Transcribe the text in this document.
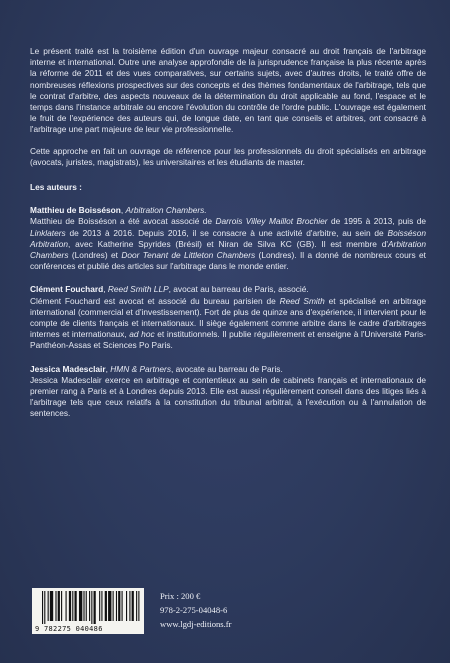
Le présent traité est la troisième édition d'un ouvrage majeur consacré au droit français de l'arbitrage interne et international. Outre une analyse approfondie de la jurisprudence française la plus récente après la réforme de 2011 et des vues comparatives, sur certains sujets, avec d'autres droits, le traité offre de nombreuses réflexions prospectives sur des concepts et des thèmes fondamentaux de l'arbitrage, tels que le contrat d'arbitre, des aspects nouveaux de la détermination du droit applicable au fond, l'espace et le temps dans l'instance arbitrale ou encore l'évolution du contrôle de l'ordre public. L'ouvrage est également le fruit de l'expérience des auteurs qui, de longue date, en tant que conseils et arbitres, ont consacré à l'arbitrage une part majeure de leur vie professionnelle.

Cette approche en fait un ouvrage de référence pour les professionnels du droit spécialisés en arbitrage (avocats, juristes, magistrats), les universitaires et les étudiants de master.

Les auteurs :

Matthieu de Boisséson, Arbitration Chambers.

Matthieu de Boisséson a été avocat associé de Darrois Villey Maillot Brochier de 1995 à 2013, puis de Linklaters de 2013 à 2016. Depuis 2016, il se consacre à une activité d'arbitre, au sein de Boisséson Arbitration, avec Katherine Spyrides (Brésil) et Niran de Silva KC (GB). Il est membre d'Arbitration Chambers (Londres) et Door Tenant de Littleton Chambers (Londres). Il a donné de nombreux cours et conférences et publié des articles sur l'arbitrage dans le monde entier.

Clément Fouchard, Reed Smith LLP, avocat au barreau de Paris, associé.

Clément Fouchard est avocat et associé du bureau parisien de Reed Smith et spécialisé en arbitrage international (commercial et d'investissement). Fort de plus de quinze ans d'expérience, il intervient pour le compte de clients français et internationaux. Il siège également comme arbitre dans le cadre d'arbitrages internes et internationaux, ad hoc et institutionnels. Il publie régulièrement et enseigne à l'Université Paris-Panthéon-Assas et Sciences Po Paris.

Jessica Madesclair, HMN & Partners, avocate au barreau de Paris.

Jessica Madesclair exerce en arbitrage et contentieux au sein de cabinets français et internationaux de premier rang à Paris et à Londres depuis 2013. Elle est aussi régulièrement conseil dans des litiges liés à l'arbitrage tels que ceux relatifs à la constitution du tribunal arbitral, à l'exécution ou à l'annulation de sentences.

9 782275 040486
Prix : 200 €
978-2-275-04048-6
www.lgdj-editions.fr
